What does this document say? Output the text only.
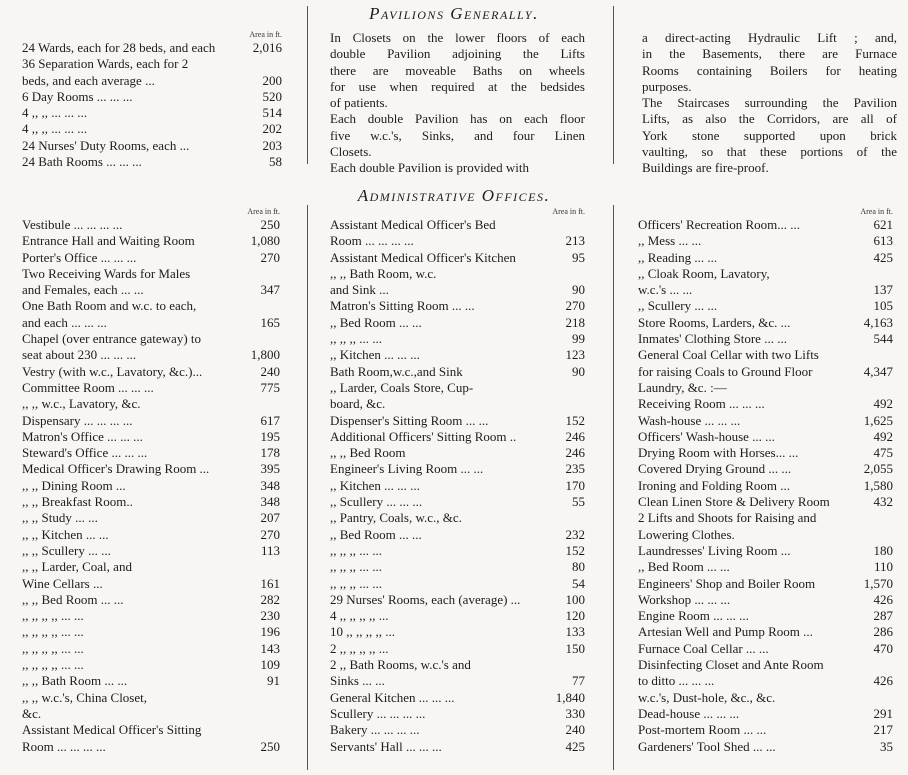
Pavilions Generally.
Administrative Offices.
Area in ft.
24 Wards, each for 28 beds, and each	2,016
36 Separation Wards, each for 2
beds, and each average ...	200
6 Day Rooms ... ... ...	520
4 ,, ,, ... ... ...	514
4 ,, ,, ... ... ...	202
24 Nurses' Duty Rooms, each ...	203
24 Bath Rooms ... ... ...	58
In Closets on the lower floors of each
double Pavilion adjoining the Lifts
there are moveable Baths on wheels
for use when required at the bedsides
of patients.
Each double Pavilion has on each floor
five w.c.'s, Sinks, and four Linen
Closets.
Each double Pavilion is provided with
a direct-acting Hydraulic Lift ; and,
in the Basements, there are Furnace
Rooms containing Boilers for heating
purposes.
The Staircases surrounding the Pavilion
Lifts, as also the Corridors, are all of
York stone supported upon brick
vaulting, so that these portions of the
Buildings are fire-proof.
Area in ft.
Vestibule ... ... ... ...	250
Entrance Hall and Waiting Room	1,080
Porter's Office ... ... ...	270
Two Receiving Wards for Males
and Females, each ... ...	347
One Bath Room and w.c. to each,
and each ... ... ...	165
Chapel (over entrance gateway) to
seat about 230 ... ... ...	1,800
Vestry (with w.c., Lavatory, &c.)...	240
Committee Room ... ... ...	775
,, ,, w.c., Lavatory, &c.
Dispensary ... ... ... ...	617
Matron's Office ... ... ...	195
Steward's Office ... ... ...	178
Medical Officer's Drawing Room ...	395
,, ,, Dining Room ...	348
,, ,, Breakfast Room..	348
,, ,, Study ... ...	207
,, ,, Kitchen ... ...	270
,, ,, Scullery ... ...	113
,, ,, Larder, Coal, and
Wine Cellars ...	161
,, ,, Bed Room ... ...	282
,, ,, ,, ,, ... ...	230
,, ,, ,, ,, ... ...	196
,, ,, ,, ,, ... ...	143
,, ,, ,, ,, ... ...	109
,, ,, Bath Room ... ...	91
,, ,, w.c.'s, China Closet,
&c.
Assistant Medical Officer's Sitting
Room ... ... ... ...	250
Area in ft.
Assistant Medical Officer's Bed
Room ... ... ... ...	213
Assistant Medical Officer's Kitchen	95
,, ,, Bath Room, w.c.
and Sink ...	90
Matron's Sitting Room ... ...	270
,, Bed Room ... ...	218
,, ,, ,, ... ...	99
,, Kitchen ... ... ...	123
Bath Room,w.c.,and Sink	90
,, Larder, Coals Store, Cup-
board, &c.
Dispenser's Sitting Room ... ...	152
Additional Officers' Sitting Room ..	246
,, ,, Bed Room	246
Engineer's Living Room ... ...	235
,, Kitchen ... ... ...	170
,, Scullery ... ... ...	55
,, Pantry, Coals, w.c., &c.
,, Bed Room ... ...	232
,, ,, ,, ... ...	152
,, ,, ,, ... ...	80
,, ,, ,, ... ...	54
29 Nurses' Rooms, each (average) ...	100
4 ,, ,, ,, ,, ...	120
10 ,, ,, ,, ,, ...	133
2 ,, ,, ,, ,, ...	150
2 ,, Bath Rooms, w.c.'s and
Sinks ... ...	77
General Kitchen ... ... ...	1,840
Scullery ... ... ... ...	330
Bakery ... ... ... ...	240
Servants' Hall ... ... ...	425
Area in ft.
Officers' Recreation Room... ...	621
,, Mess ... ...	613
,, Reading ... ...	425
,, Cloak Room, Lavatory,
w.c.'s ... ...	137
,, Scullery ... ...	105
Store Rooms, Larders, &c. ...	4,163
Inmates' Clothing Store ... ...	544
General Coal Cellar with two Lifts
for raising Coals to Ground Floor	4,347
Laundry, &c. :—
Receiving Room ... ... ...	492
Wash-house ... ... ...	1,625
Officers' Wash-house ... ...	492
Drying Room with Horses... ...	475
Covered Drying Ground ... ...	2,055
Ironing and Folding Room ...	1,580
Clean Linen Store & Delivery Room	432
2 Lifts and Shoots for Raising and
Lowering Clothes.
Laundresses' Living Room ...	180
,, Bed Room ... ...	110
Engineers' Shop and Boiler Room	1,570
Workshop ... ... ...	426
Engine Room ... ... ...	287
Artesian Well and Pump Room ...	286
Furnace Coal Cellar ... ...	470
Disinfecting Closet and Ante Room
to ditto ... ... ...	426
w.c.'s, Dust-hole, &c., &c.
Dead-house ... ... ...	291
Post-mortem Room ... ...	217
Gardeners' Tool Shed ... ...	35
